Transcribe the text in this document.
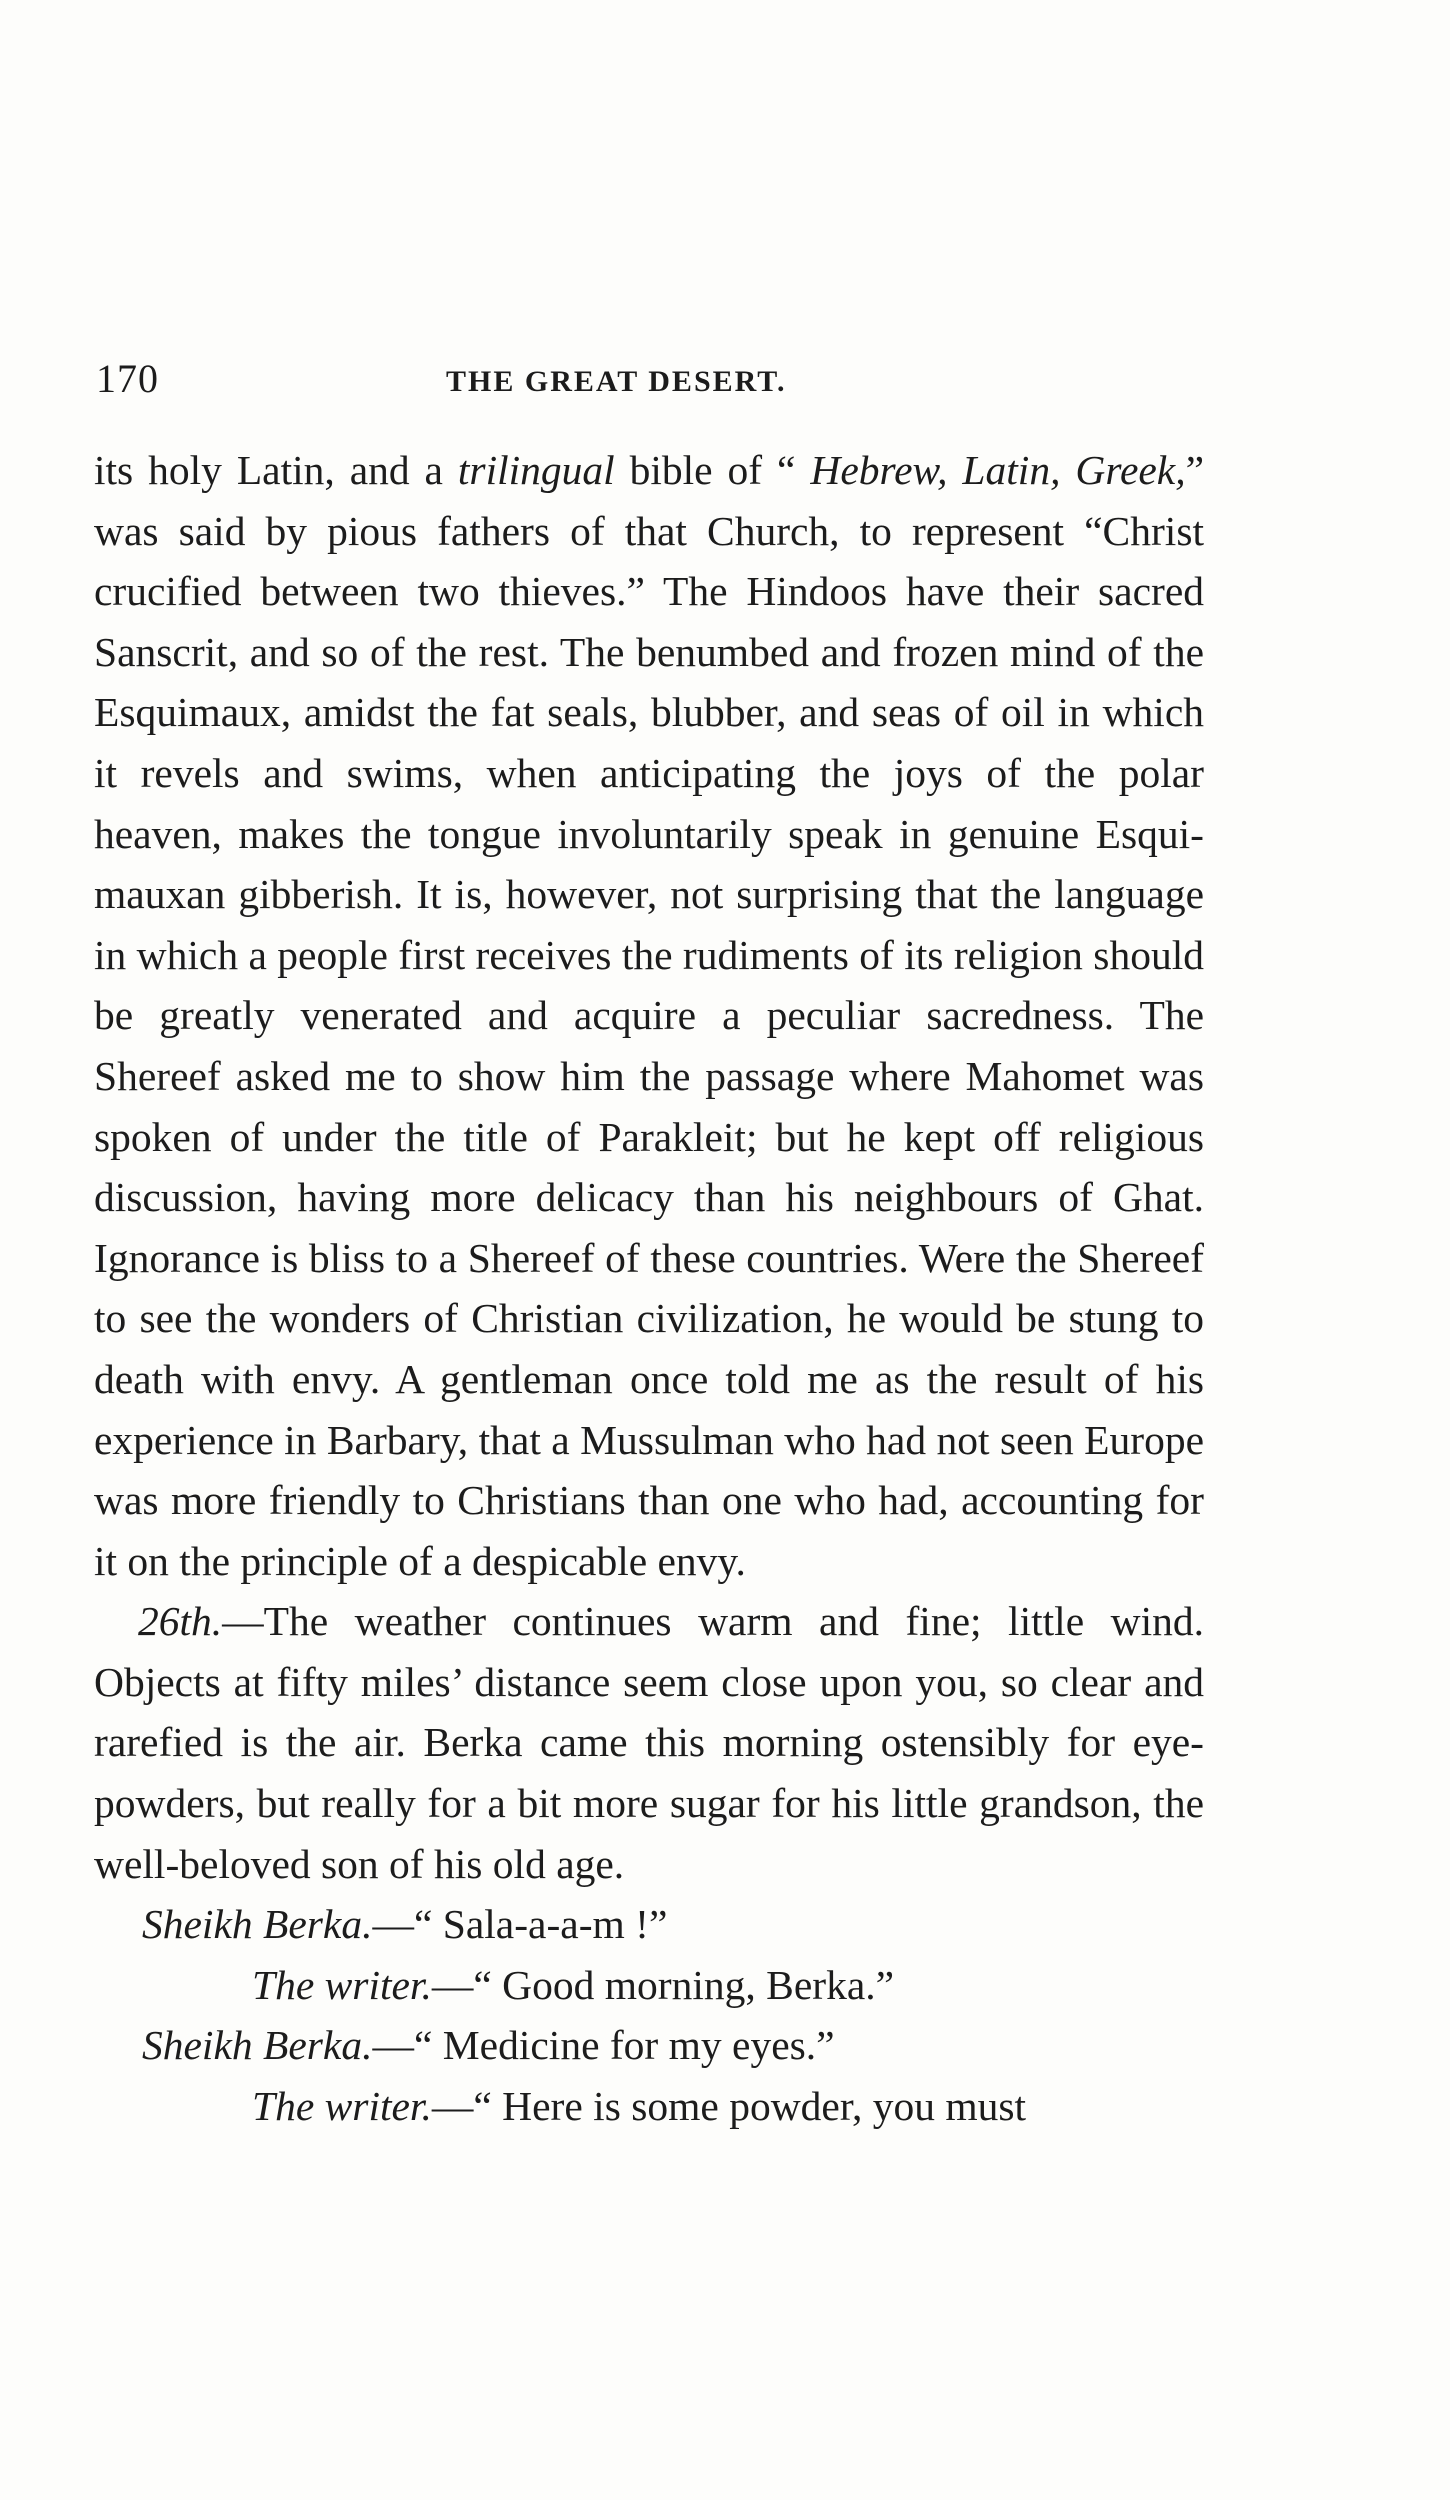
170	THE GREAT DESERT.

its holy Latin, and a trilingual bible of “ Hebrew, Latin, Greek,” was said by pious fathers of that Church, to represent “Christ crucified between two thieves.” The Hindoos have their sacred Sanscrit, and so of the rest. The benumbed and frozen mind of the Esquimaux, amidst the fat seals, blubber, and seas of oil in which it revels and swims, when anticipating the joys of the polar heaven, makes the tongue involuntarily speak in genuine Esquimauxan gibberish. It is, however, not surprising that the language in which a people first receives the rudiments of its religion should be greatly venerated and acquire a peculiar sacredness. The Shereef asked me to show him the passage where Mahomet was spoken of under the title of Parakleit; but he kept off religious discussion, having more delicacy than his neighbours of Ghat. Ignorance is bliss to a Shereef of these countries. Were the Shereef to see the wonders of Christian civilization, he would be stung to death with envy. A gentleman once told me as the result of his experience in Barbary, that a Mussulman who had not seen Europe was more friendly to Christians than one who had, accounting for it on the principle of a despicable envy.

26th.—The weather continues warm and fine; little wind. Objects at fifty miles’ distance seem close upon you, so clear and rarefied is the air. Berka came this morning ostensibly for eye-powders, but really for a bit more sugar for his little grandson, the well-beloved son of his old age.

Sheikh Berka.—“ Sala-a-a-m !”

The writer.—“ Good morning, Berka.”

Sheikh Berka.—“ Medicine for my eyes.”

The writer.—“ Here is some powder, you must
